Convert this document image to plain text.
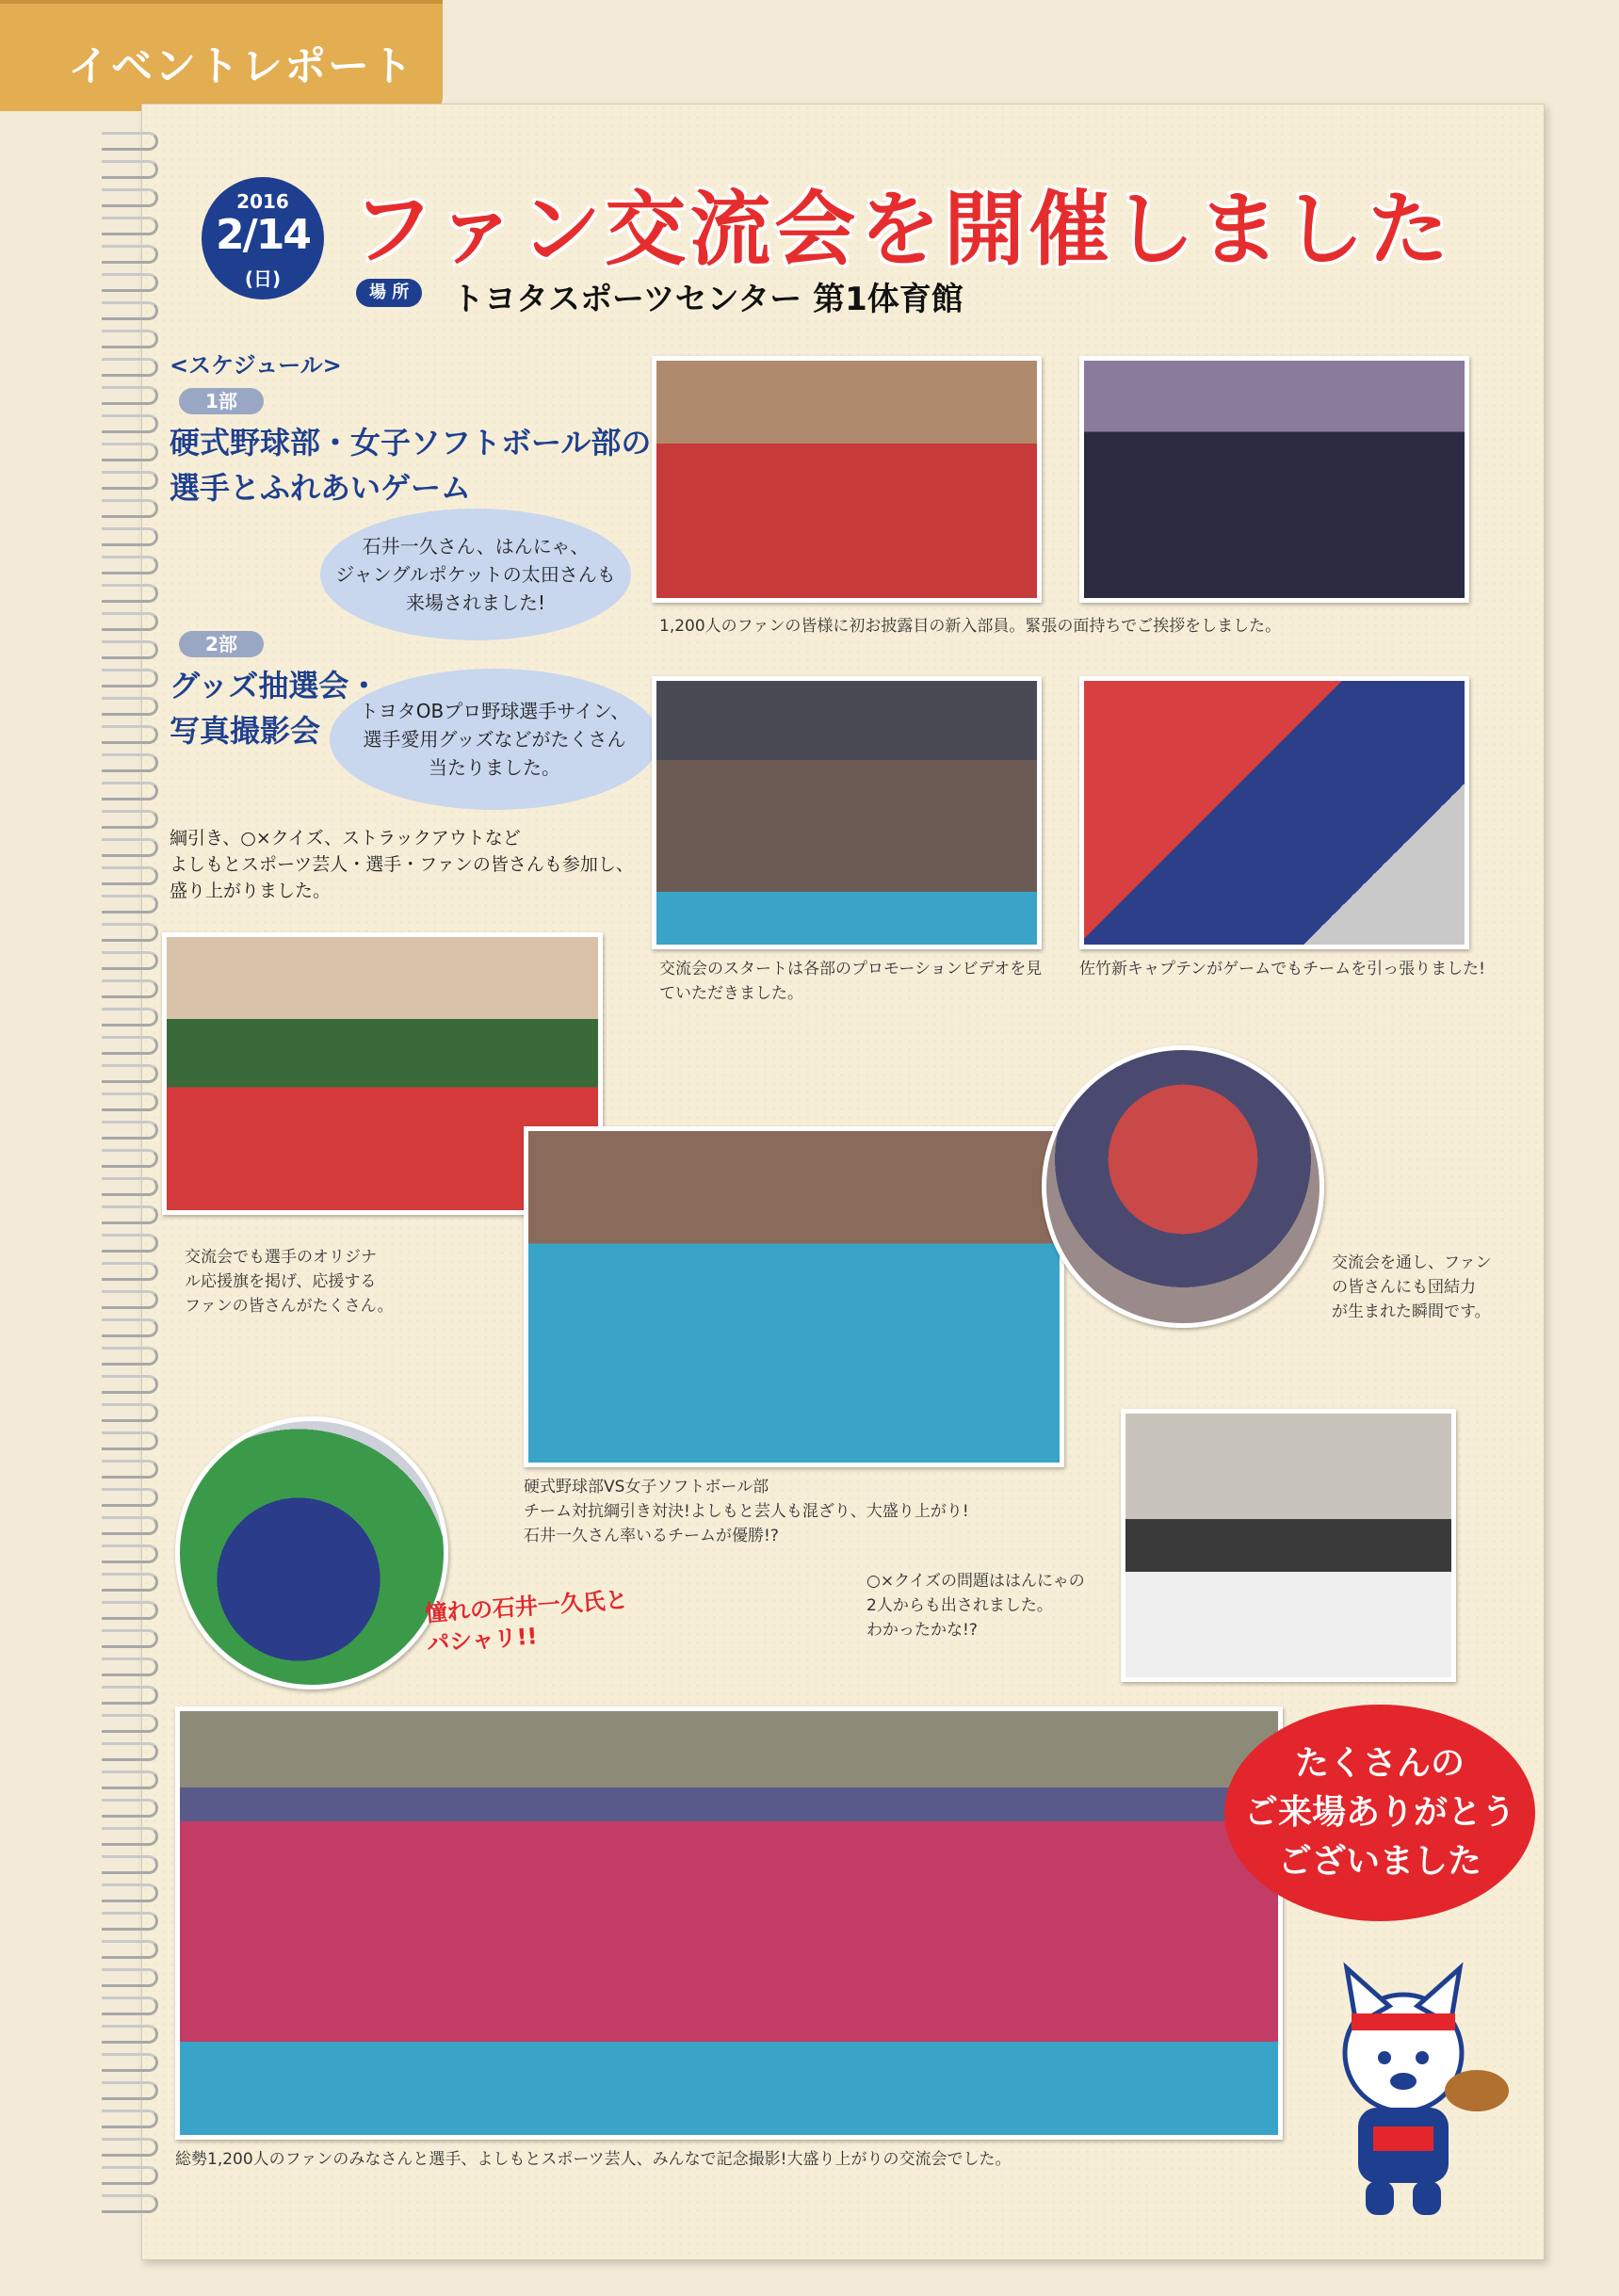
イベントレポート
2016
2/14
(日)
ファン交流会を開催しました
場 所	トヨタスポーツセンター 第1体育館
<スケジュール>
1部
硬式野球部・女子ソフトボール部の
選手とふれあいゲーム
石井一久さん、はんにゃ、
ジャングルポケットの太田さんも
来場されました!
2部
グッズ抽選会・
写真撮影会
トヨタOBプロ野球選手サイン、
選手愛用グッズなどがたくさん
当たりました。
綱引き、○×クイズ、ストラックアウトなど
よしもとスポーツ芸人・選手・ファンの皆さんも参加し、
盛り上がりました。
1,200人のファンの皆様に初お披露目の新入部員。緊張の面持ちでご挨拶をしました。
交流会のスタートは各部のプロモーションビデオを見
ていただきました。
佐竹新キャプテンがゲームでもチームを引っ張りました!
交流会でも選手のオリジナ
ル応援旗を掲げ、応援する
ファンの皆さんがたくさん。
硬式野球部VS女子ソフトボール部
チーム対抗綱引き対決!よしもと芸人も混ざり、大盛り上がり!
石井一久さん率いるチームが優勝!?
交流会を通し、ファン
の皆さんにも団結力
が生まれた瞬間です。
憧れの石井一久氏と
パシャリ!!
○×クイズの問題ははんにゃの
2人からも出されました。
わかったかな!?
総勢1,200人のファンのみなさんと選手、よしもとスポーツ芸人、みんなで記念撮影!大盛り上がりの交流会でした。
たくさんの
ご来場ありがとう
ございました
